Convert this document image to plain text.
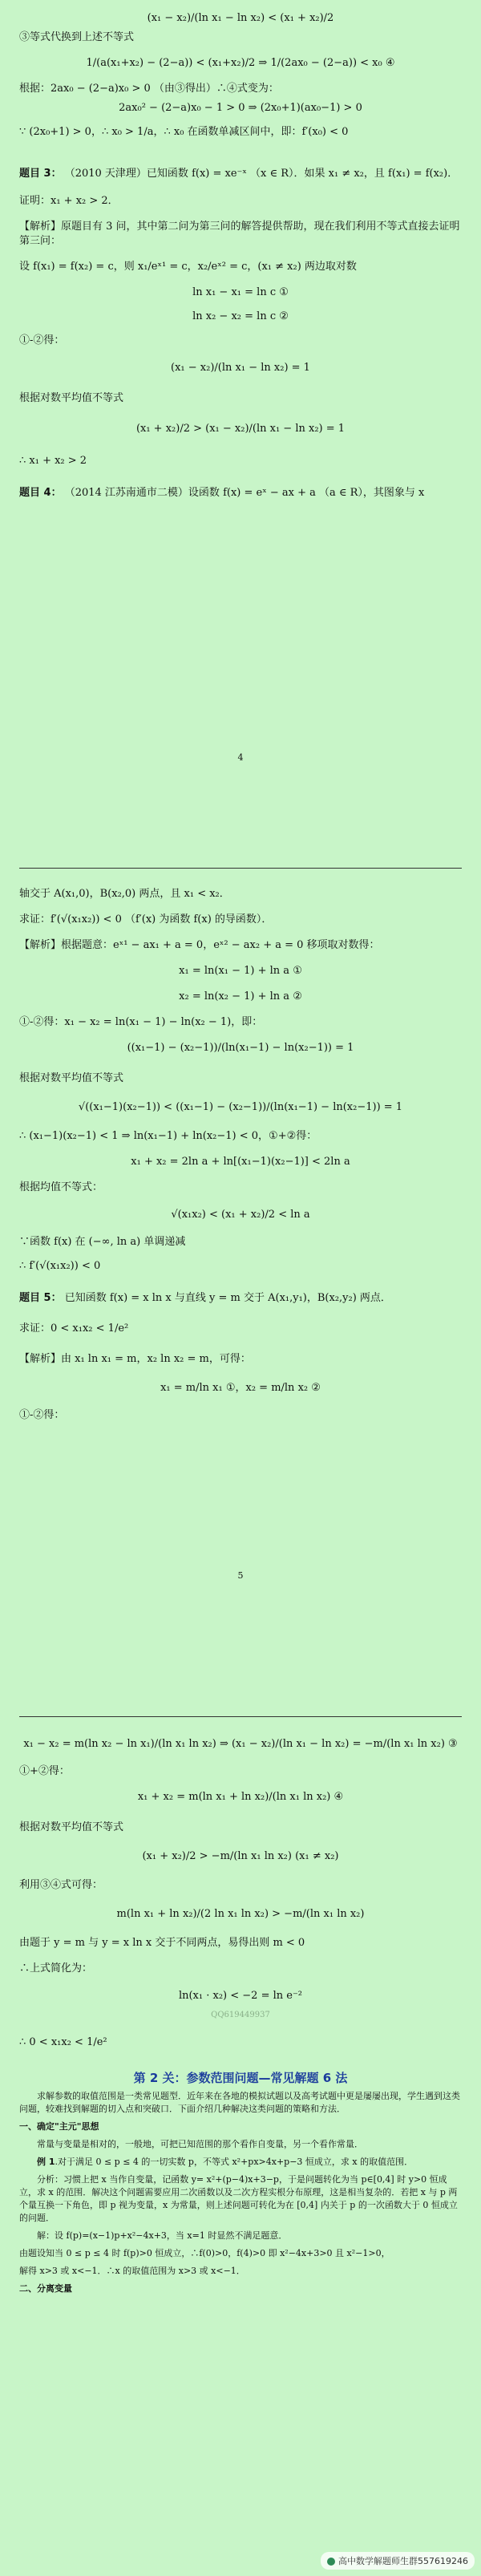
(x₁ − x₂)/(ln x₁ − ln x₂) < (x₁ + x₂)/2
③等式代换到上述不等式
1/(a(x₁+x₂) − (2−a)) < (x₁+x₂)/2 ⇒ 1/(2ax₀ − (2−a)) < x₀ ④
根据：2ax₀ − (2−a)x₀ > 0 （由③得出）∴④式变为：
2ax₀² − (2−a)x₀ − 1 > 0 ⇒ (2x₀+1)(ax₀−1) > 0
∵ (2x₀+1) > 0，∴ x₀ > 1/a，∴ x₀ 在函数单减区间中，即：f′(x₀) < 0
题目 3： （2010 天津理）已知函数 f(x) = xe⁻ˣ （x ∈ R）．如果 x₁ ≠ x₂，且 f(x₁) = f(x₂)．
证明：x₁ + x₂ > 2．
【解析】原题目有 3 问，其中第二问为第三问的解答提供帮助，现在我们利用不等式直接去证明第三问：
设 f(x₁) = f(x₂) = c，则 x₁/eˣ¹ = c，x₂/eˣ² = c，(x₁ ≠ x₂) 两边取对数
ln x₁ − x₁ = ln c ①
ln x₂ − x₂ = ln c ②
①-②得：
(x₁ − x₂)/(ln x₁ − ln x₂) = 1
根据对数平均值不等式
(x₁ + x₂)/2 > (x₁ − x₂)/(ln x₁ − ln x₂) = 1
∴ x₁ + x₂ > 2
题目 4： （2014 江苏南通市二模）设函数 f(x) = eˣ − ax + a （a ∈ R），其图象与 x
4
轴交于 A(x₁,0)，B(x₂,0) 两点，且 x₁ < x₂．
求证：f′(√(x₁x₂)) < 0 （f′(x) 为函数 f(x) 的导函数）．
【解析】根据题意：eˣ¹ − ax₁ + a = 0，eˣ² − ax₂ + a = 0 移项取对数得：
x₁ = ln(x₁ − 1) + ln a ①
x₂ = ln(x₂ − 1) + ln a ②
①-②得：x₁ − x₂ = ln(x₁ − 1) − ln(x₂ − 1)，即：
((x₁−1) − (x₂−1))/(ln(x₁−1) − ln(x₂−1)) = 1
根据对数平均值不等式
√((x₁−1)(x₂−1)) < ((x₁−1) − (x₂−1))/(ln(x₁−1) − ln(x₂−1)) = 1
∴ (x₁−1)(x₂−1) < 1 ⇒ ln(x₁−1) + ln(x₂−1) < 0，①+②得：
x₁ + x₂ = 2ln a + ln[(x₁−1)(x₂−1)] < 2ln a
根据均值不等式：
√(x₁x₂) < (x₁ + x₂)/2 < ln a
∵函数 f(x) 在 (−∞, ln a) 单调递减
∴ f′(√(x₁x₂)) < 0
题目 5： 已知函数 f(x) = x ln x 与直线 y = m 交于 A(x₁,y₁)，B(x₂,y₂) 两点．
求证：0 < x₁x₂ < 1/e²
【解析】由 x₁ ln x₁ = m，x₂ ln x₂ = m，可得：
x₁ = m/ln x₁ ①，x₂ = m/ln x₂ ②
①-②得：
5
x₁ − x₂ = m(ln x₂ − ln x₁)/(ln x₁ ln x₂) ⇒ (x₁ − x₂)/(ln x₁ − ln x₂) = −m/(ln x₁ ln x₂) ③
①+②得：
x₁ + x₂ = m(ln x₁ + ln x₂)/(ln x₁ ln x₂) ④
根据对数平均值不等式
(x₁ + x₂)/2 > −m/(ln x₁ ln x₂) (x₁ ≠ x₂)
利用③④式可得：
m(ln x₁ + ln x₂)/(2 ln x₁ ln x₂) > −m/(ln x₁ ln x₂)
由题于 y = m 与 y = x ln x 交于不同两点，易得出则 m < 0
∴上式简化为：
ln(x₁ · x₂) < −2 = ln e⁻²
QQ619449937
∴ 0 < x₁x₂ < 1/e²
第 2 关：参数范围问题—常见解题 6 法
求解参数的取值范围是一类常见题型．近年来在各地的模拟试题以及高考试题中更是屡屡出现，学生遇到这类问题，较难找到解题的切入点和突破口．下面介绍几种解决这类问题的策略和方法．
一、确定"主元"思想
常量与变量是相对的，一般地，可把已知范围的那个看作自变量，另一个看作常量．
例 1.对于满足 0 ≤ p ≤ 4 的一切实数 p，不等式 x²+px>4x+p−3 恒成立，求 x 的取值范围．
分析：习惯上把 x 当作自变量，记函数 y= x²+(p−4)x+3−p，于是问题转化为当 p∈[0,4] 时 y>0 恒成立，求 x 的范围．解决这个问题需要应用二次函数以及二次方程实根分布原理，这是相当复杂的．若把 x 与 p 两个量互换一下角色，即 p 视为变量，x 为常量，则上述问题可转化为在 [0,4] 内关于 p 的一次函数大于 0 恒成立的问题．
解：设 f(p)=(x−1)p+x²−4x+3，当 x=1 时显然不满足题意．
由题设知当 0 ≤ p ≤ 4 时 f(p)>0 恒成立，∴f(0)>0，f(4)>0 即 x²−4x+3>0 且 x²−1>0，
解得 x>3 或 x<−1．∴x 的取值范围为 x>3 或 x<−1．
二、分离变量
高中数学解题师生群557619246
